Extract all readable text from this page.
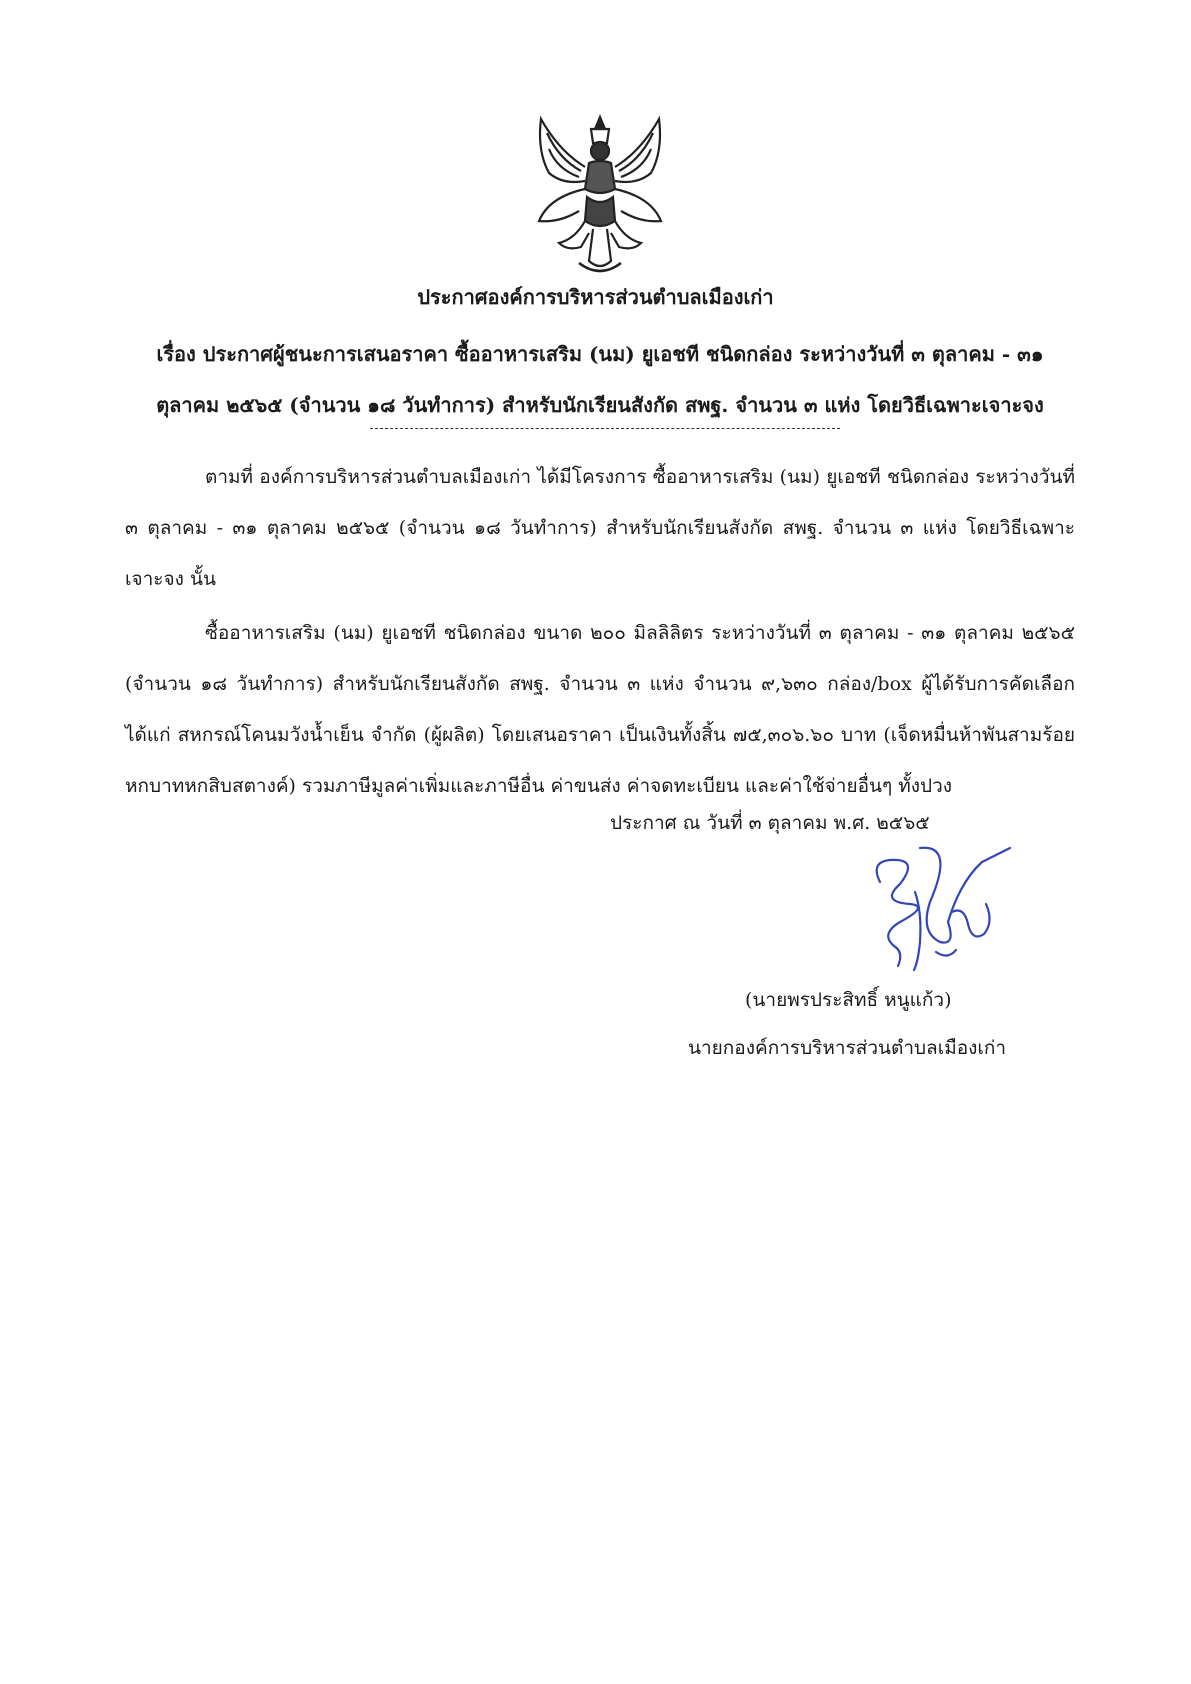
ประกาศองค์การบริหารส่วนตำบลเมืองเก่า
เรื่อง ประกาศผู้ชนะการเสนอราคา ซื้ออาหารเสริม (นม) ยูเอชที ชนิดกล่อง ระหว่างวันที่ ๓ ตุลาคม - ๓๑ ตุลาคม ๒๕๖๕ (จำนวน ๑๘ วันทำการ) สำหรับนักเรียนสังกัด สพฐ. จำนวน ๓ แห่ง โดยวิธีเฉพาะเจาะจง
ตามที่ องค์การบริหารส่วนตำบลเมืองเก่า ได้มีโครงการ ซื้ออาหารเสริม (นม) ยูเอชที ชนิดกล่อง ระหว่างวันที่ ๓ ตุลาคม - ๓๑ ตุลาคม ๒๕๖๕ (จำนวน ๑๘ วันทำการ) สำหรับนักเรียนสังกัด สพฐ. จำนวน ๓ แห่ง โดยวิธีเฉพาะเจาะจง นั้น
ซื้ออาหารเสริม (นม) ยูเอชที ชนิดกล่อง ขนาด ๒๐๐ มิลลิลิตร ระหว่างวันที่ ๓ ตุลาคม - ๓๑ ตุลาคม ๒๕๖๕ (จำนวน ๑๘ วันทำการ) สำหรับนักเรียนสังกัด สพฐ. จำนวน ๓ แห่ง จำนวน ๙,๖๓๐ กล่อง/box ผู้ได้รับการคัดเลือก ได้แก่ สหกรณ์โคนมวังน้ำเย็น จำกัด (ผู้ผลิต) โดยเสนอราคา เป็นเงินทั้งสิ้น ๗๕,๓๐๖.๖๐ บาท (เจ็ดหมื่นห้าพันสามร้อยหกบาทหกสิบสตางค์) รวมภาษีมูลค่าเพิ่มและภาษีอื่น ค่าขนส่ง ค่าจดทะเบียน และค่าใช้จ่ายอื่นๆ ทั้งปวง
ประกาศ ณ วันที่ ๓ ตุลาคม พ.ศ. ๒๕๖๕
(นายพรประสิทธิ์ หนูแก้ว)
นายกองค์การบริหารส่วนตำบลเมืองเก่า
